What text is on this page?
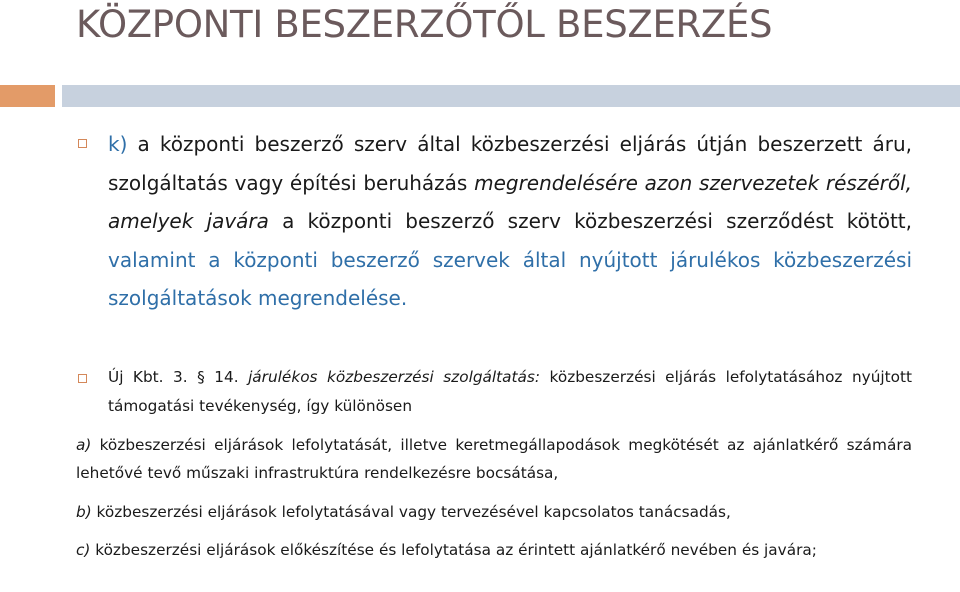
KÖZPONTI BESZERZŐTŐL BESZERZÉS
k) a központi beszerző szerv által közbeszerzési eljárás útján beszerzett áru, szolgáltatás vagy építési beruházás megrendelésére azon szervezetek részéről, amelyek javára a központi beszerző szerv közbeszerzési szerződést kötött, valamint a központi beszerző szervek által nyújtott járulékos közbeszerzési szolgáltatások megrendelése.
Új Kbt. 3. § 14. járulékos közbeszerzési szolgáltatás: közbeszerzési eljárás lefolytatásához nyújtott támogatási tevékenység, így különösen
a) közbeszerzési eljárások lefolytatását, illetve keretmegállapodások megkötését az ajánlatkérő számára lehetővé tevő műszaki infrastruktúra rendelkezésre bocsátása,
b) közbeszerzési eljárások lefolytatásával vagy tervezésével kapcsolatos tanácsadás,
c) közbeszerzési eljárások előkészítése és lefolytatása az érintett ajánlatkérő nevében és javára;
